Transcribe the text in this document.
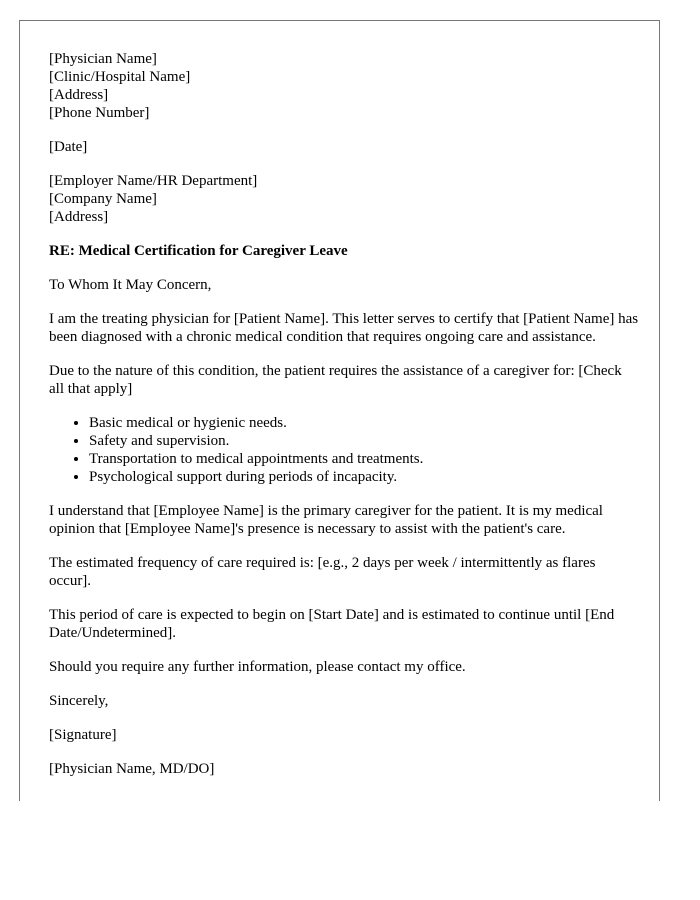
[Physician Name]
[Clinic/Hospital Name]
[Address]
[Phone Number]

[Date]

[Employer Name/HR Department]
[Company Name]
[Address]

RE: Medical Certification for Caregiver Leave

To Whom It May Concern,

I am the treating physician for [Patient Name]. This letter serves to certify that [Patient Name] has been diagnosed with a chronic medical condition that requires ongoing care and assistance.

Due to the nature of this condition, the patient requires the assistance of a caregiver for: [Check all that apply]

• Basic medical or hygienic needs.
• Safety and supervision.
• Transportation to medical appointments and treatments.
• Psychological support during periods of incapacity.

I understand that [Employee Name] is the primary caregiver for the patient. It is my medical opinion that [Employee Name]'s presence is necessary to assist with the patient's care.

The estimated frequency of care required is: [e.g., 2 days per week / intermittently as flares occur].

This period of care is expected to begin on [Start Date] and is estimated to continue until [End Date/Undetermined].

Should you require any further information, please contact my office.

Sincerely,

[Signature]

[Physician Name, MD/DO]
